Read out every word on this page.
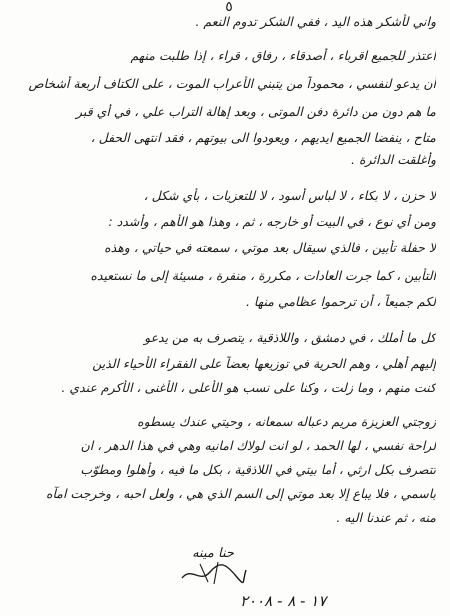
٥
واني لأشكر هذه اليد ، ففي الشكر تدوم النعم .
أعتذر للجميع اقرباء ، أصدقاء ، رفاق ، قراء ، إذا طلبت منهم
أن يدعو لنفسي ، محموداً من يتبني الأعراب الموت ، على الكتاف أربعة أشخاص
ما هم دون من دائرة دفن الموتى ، وبعد إهالة التراب علي ، في أي قبر
متاح ، ينفضا الجميع ايديهم ، ويعودوا الى بيوتهم ، فقد انتهى الحفل ،
وأغلقت الدائرة .
لا حزن ، لا بكاء ، لا لباس أسود ، لا للتعزيات ، بأي شكل ،
ومن أي نوع ، في البيت أو خارجه ، ثم ، وهذا هو الأهم ، وأشدد :
لا حفلة تأبين ، فالذي سيقال بعد موتي ، سمعته في حياتي ، وهذه
التأبين ، كما جرت العادات ، مكررة ، منفرة ، مسيئة إلى ما نستعيده
لكم جميعاً ، أن ترحموا عظامي منها .
كل ما أملك ، في دمشق ، واللاذقية ، يتصرف به من يدعو
إليهم أهلي ، وهم الحرية في توزيعها بعضاً على الفقراء الأحياء الذين
كنت منهم ، وما زلت ، وكنا على نسب هو الأعلى ، الأغنى ، الأكرم عندي .
زوجتي العزيزة مريم دعباله سمعانه ، وحيتي عندك يسطوه
لراحة نفسي ، لها الحمد ، لو انت لولاك امانيه وهي في هذا الدهر ، ان
تتصرف بكل ارثي ، أما بيتي في اللاذقية ، بكل ما فيه ، وأهلوا ومطوّب
باسمي ، فلا يباع إلا بعد موتي إلى السم الذي هي ، ولعل احبه ، وخرجت امآه
منه ، ثم عندنا اليه .
حنا مينه
١٧ - ٨ - ٢٠٠٨
